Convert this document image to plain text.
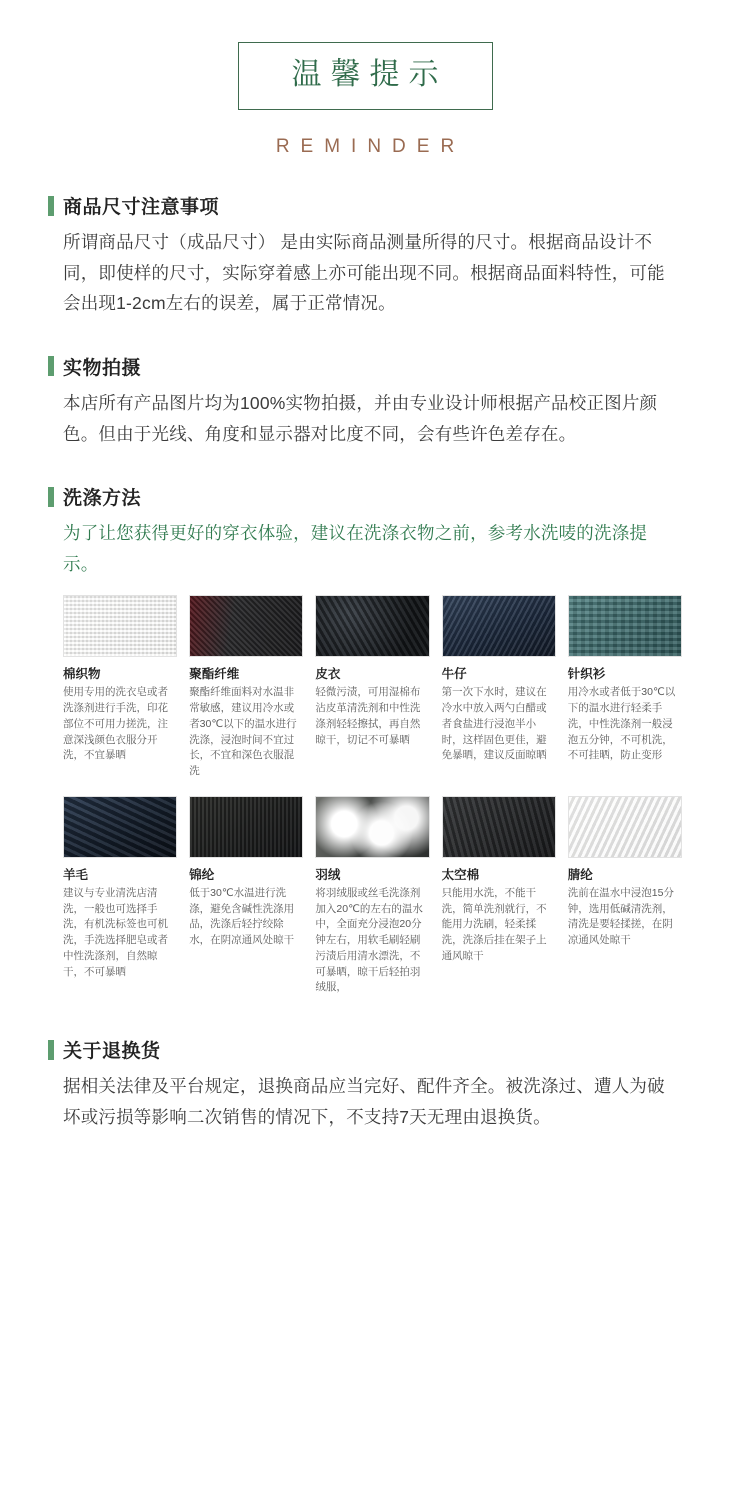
温馨提示
REMINDER
商品尺寸注意事项
所谓商品尺寸（成品尺寸） 是由实际商品测量所得的尺寸。根据商品设计不同，即使样的尺寸，实际穿着感上亦可能出现不同。根据商品面料特性，可能会出现1-2cm左右的误差，属于正常情况。
实物拍摄
本店所有产品图片均为100%实物拍摄，并由专业设计师根据产品校正图片颜色。但由于光线、角度和显示器对比度不同，会有些许色差存在。
洗涤方法
为了让您获得更好的穿衣体验，建议在洗涤衣物之前，参考水洗唛的洗涤提示。
棉织物
使用专用的洗衣皂或者洗涤剂进行手洗，印花部位不可用力搓洗，注意深浅颜色衣服分开洗，不宜暴晒
聚酯纤维
聚酯纤维面料对水温非常敏感，建议用冷水或者30℃以下的温水进行洗涤，浸泡时间不宜过长，不宜和深色衣服混洗
皮衣
轻微污渍，可用湿棉布沾皮革清洗剂和中性洗涤剂轻轻擦拭，再自然晾干，切记不可暴晒
牛仔
第一次下水时，建议在冷水中放入两勺白醋或者食盐进行浸泡半小时，这样固色更佳，避免暴晒，建议反面晾晒
针织衫
用冷水或者低于30℃以下的温水进行轻柔手洗，中性洗涤剂一般浸泡五分钟，不可机洗，不可挂晒，防止变形
羊毛
建议与专业清洗店清洗，一般也可选择手洗，有机洗标签也可机洗，手洗选择肥皂或者中性洗涤剂，自然晾干，不可暴晒
锦纶
低于30℃水温进行洗涤，避免含碱性洗涤用品，洗涤后轻拧绞除水，在阴凉通风处晾干
羽绒
将羽绒服或丝毛洗涤剂加入20℃的左右的温水中，全面充分浸泡20分钟左右，用软毛刷轻刷污渍后用清水漂洗，不可暴晒，晾干后轻拍羽绒服，
太空棉
只能用水洗，不能干洗，简单洗剂就行，不能用力洗刷，轻柔揉洗，洗涤后挂在架子上通风晾干
腈纶
洗前在温水中浸泡15分钟，选用低碱清洗剂，清洗是要轻揉搓，在阴凉通风处晾干
关于退换货
据相关法律及平台规定，退换商品应当完好、配件齐全。被洗涤过、遭人为破坏或污损等影响二次销售的情况下，不支持7天无理由退换货。
